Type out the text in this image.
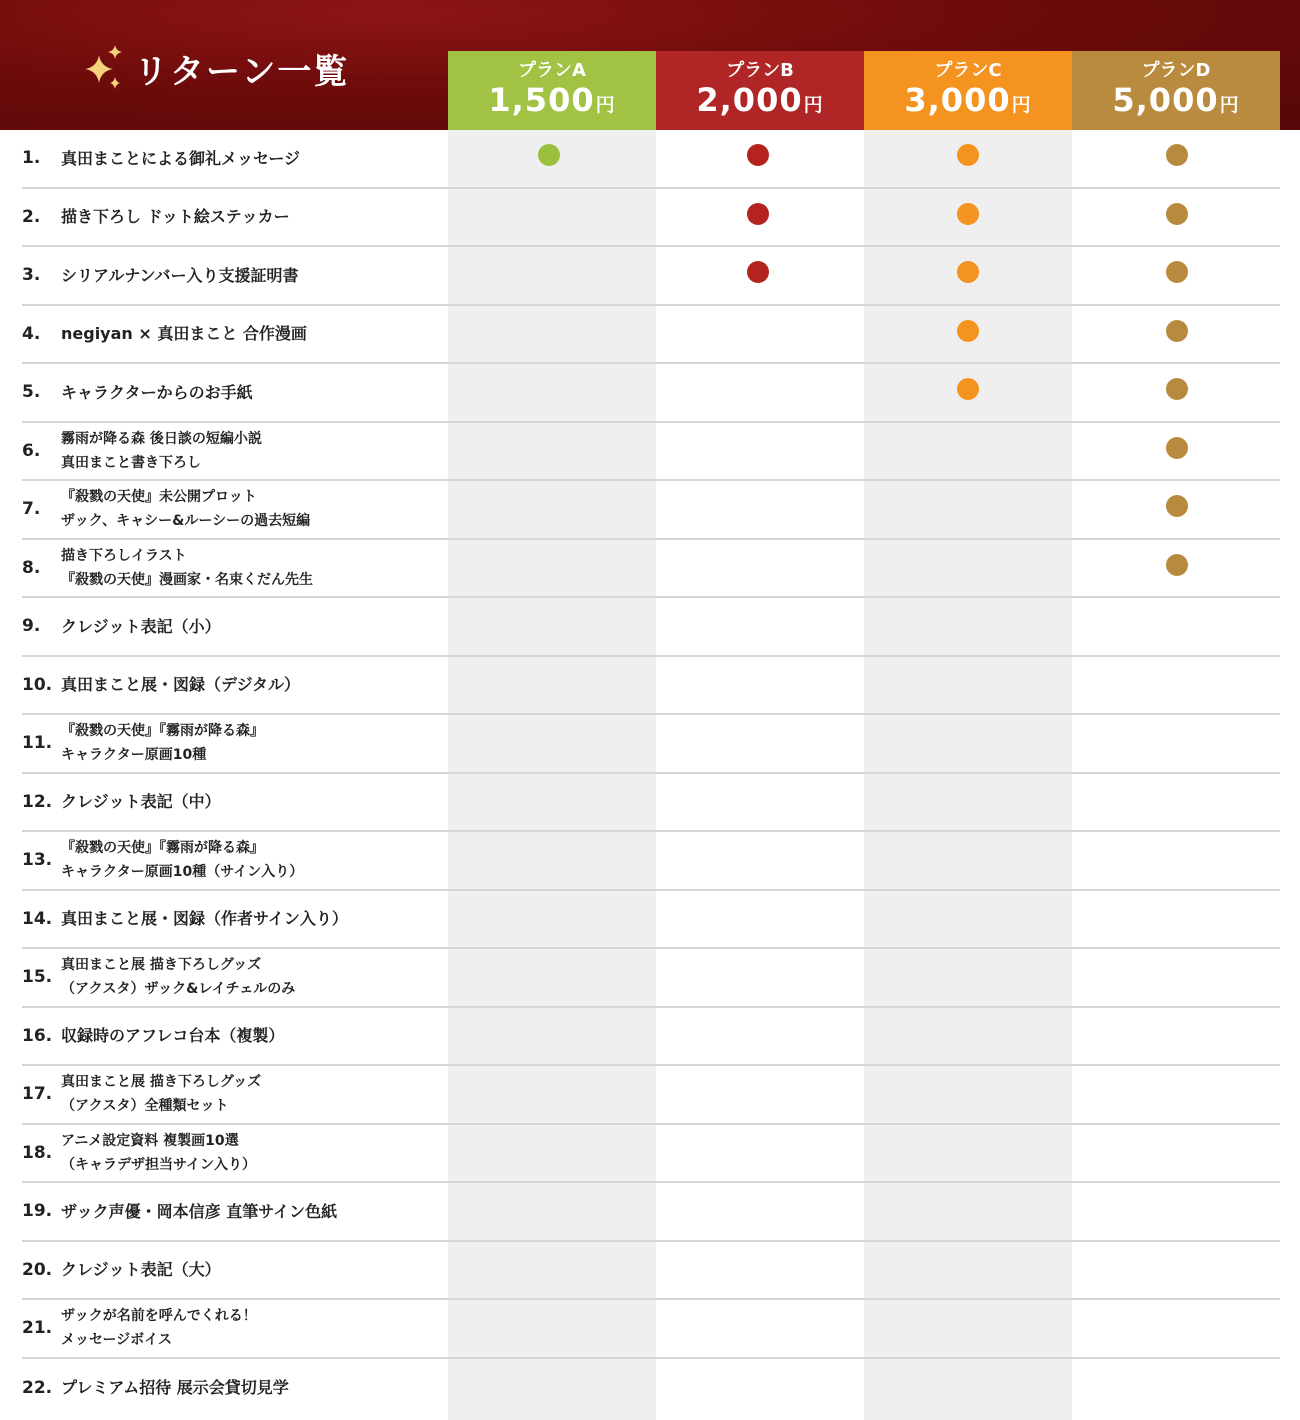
リターン一覧	プランA
1,500円
プランB
2,000円
プランC
3,000円
プランD
5,000円
1. 真田まことによる御礼メッセージ
2. 描き下ろし ドット絵ステッカー
3. シリアルナンバー入り支援証明書
4. negiyan × 真田まこと 合作漫画
5. キャラクターからのお手紙
6.
霧雨が降る森 後日談の短編小説
真田まこと書き下ろし
7.
『殺戮の天使』未公開プロット
ザック、キャシー&ルーシーの過去短編
8.
描き下ろしイラスト
『殺戮の天使』漫画家・名束くだん先生
9. クレジット表記（小）
10. 真田まこと展・図録（デジタル）
11.
『殺戮の天使』『霧雨が降る森』
キャラクター原画10種
12. クレジット表記（中）
13.
『殺戮の天使』『霧雨が降る森』
キャラクター原画10種（サイン入り）
14. 真田まこと展・図録（作者サイン入り）
15.
真田まこと展 描き下ろしグッズ
（アクスタ）ザック&レイチェルのみ
16. 収録時のアフレコ台本（複製）
17.
真田まこと展 描き下ろしグッズ
（アクスタ）全種類セット
18.
アニメ設定資料 複製画10選
（キャラデザ担当サイン入り）
19. ザック声優・岡本信彦 直筆サイン色紙
20. クレジット表記（大）
21.
ザックが名前を呼んでくれる！
メッセージボイス
22. プレミアム招待 展示会貸切見学
